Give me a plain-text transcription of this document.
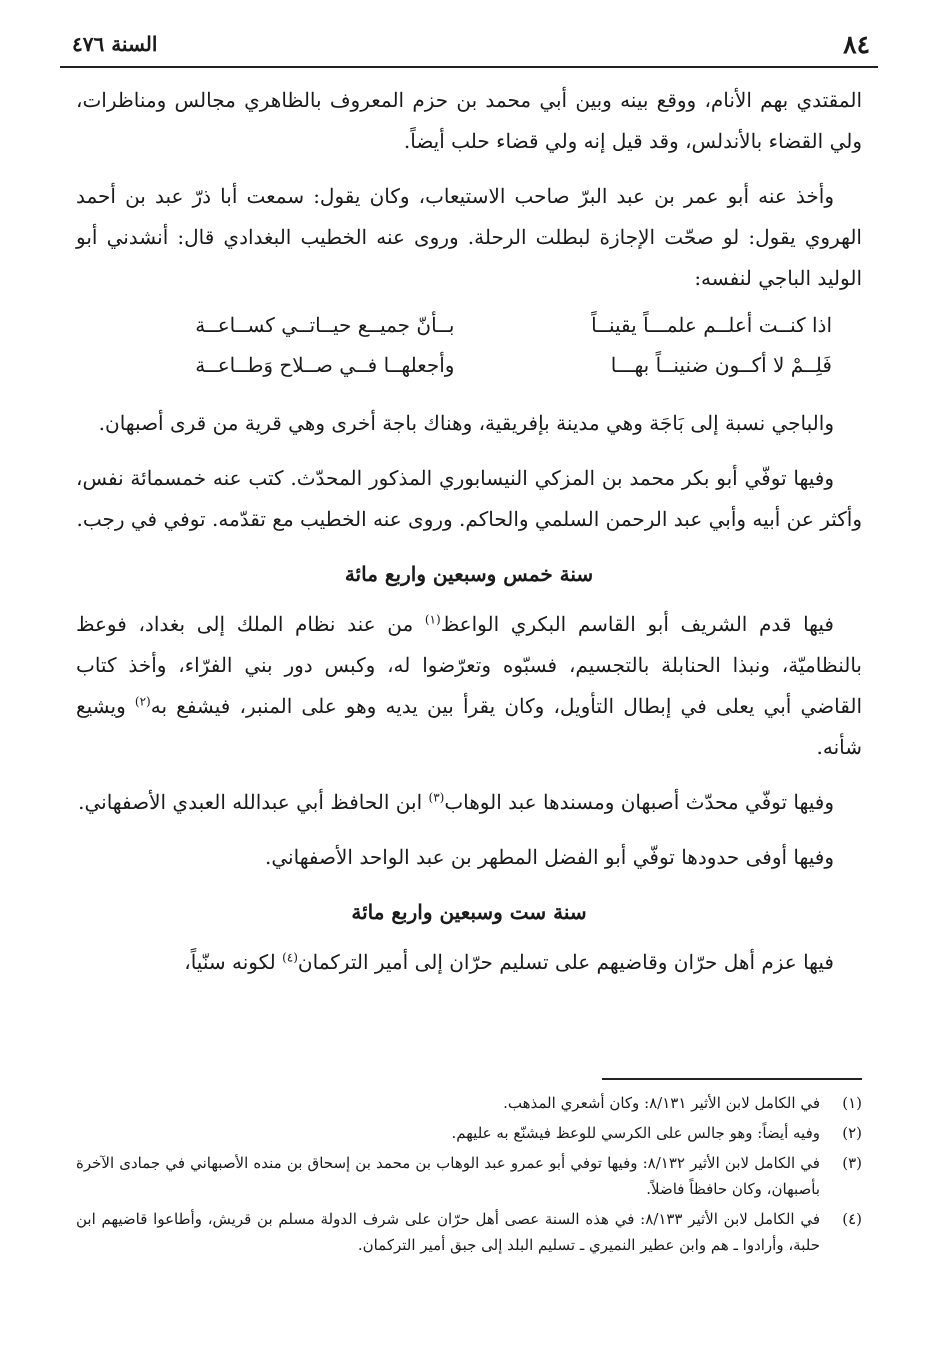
٨٤
السنة ٤٧٦

المقتدي بهم الأنام، ووقع بينه وبين أبي محمد بن حزم المعروف بالظاهري مجالس ومناظرات، ولي القضاء بالأندلس، وقد قيل إنه ولي قضاء حلب أيضاً.

وأخذ عنه أبو عمر بن عبد البرّ صاحب الاستيعاب، وكان يقول: سمعت أبا ذرّ عبد بن أحمد الهروي يقول: لو صحّت الإجازة لبطلت الرحلة. وروى عنه الخطيب البغدادي قال: أنشدني أبو الوليد الباجي لنفسه:

اذا كنــت أعلــم علمـــاً يقينــاً
بــأنّ جميــع حيــاتــي كســاعــة
فَلِــمْ لا أكــون ضنينــاً بهـــا
وأجعلهــا فــي صــلاح وَطــاعــة

والباجي نسبة إلى بَاجَة وهي مدينة بإفريقية، وهناك باجة أخرى وهي قرية من قرى أصبهان.

وفيها توفّي أبو بكر محمد بن المزكي النيسابوري المذكور المحدّث. كتب عنه خمسمائة نفس، وأكثر عن أبيه وأبي عبد الرحمن السلمي والحاكم. وروى عنه الخطيب مع تقدّمه. توفي في رجب.

سنة خمس وسبعين واربع مائة

فيها قدم الشريف أبو القاسم البكري الواعظ$^{(١)}$ من عند نظام الملك إلى بغداد، فوعظ بالنظاميّة، ونبذا الحنابلة بالتجسيم، فسبّوه وتعرّضوا له، وكبس دور بني الفرّاء، وأخذ كتاب القاضي أبي يعلى في إبطال التأويل، وكان يقرأ بين يديه وهو على المنبر، فيشفع به$^{(٢)}$ ويشيع شأنه.

وفيها توفّي محدّث أصبهان ومسندها عبد الوهاب$^{(٣)}$ ابن الحافظ أبي عبدالله العبدي الأصفهاني.

وفيها أوفى حدودها توفّي أبو الفضل المطهر بن عبد الواحد الأصفهاني.

سنة ست وسبعين واربع مائة

فيها عزم أهل حرّان وقاضيهم على تسليم حرّان إلى أمير التركمان$^{(٤)}$ لكونه سنّياً،

(١)
في الكامل لابن الأثير ٨/١٣١: وكان أشعري المذهب.
(٢)
وفيه أيضاً: وهو جالس على الكرسي للوعظ فيشنّع به عليهم.
(٣)
في الكامل لابن الأثير ٨/١٣٢: وفيها توفي أبو عمرو عبد الوهاب بن محمد بن إسحاق بن منده الأصبهاني في جمادى الآخرة بأصبهان، وكان حافظاً فاضلاً.
(٤)
في الكامل لابن الأثير ٨/١٣٣: في هذه السنة عصى أهل حرّان على شرف الدولة مسلم بن قريش، وأطاعوا قاضيهم ابن حلبة، وأرادوا ـ هم وابن عطير النميري ـ تسليم البلد إلى جبق أمير التركمان.
